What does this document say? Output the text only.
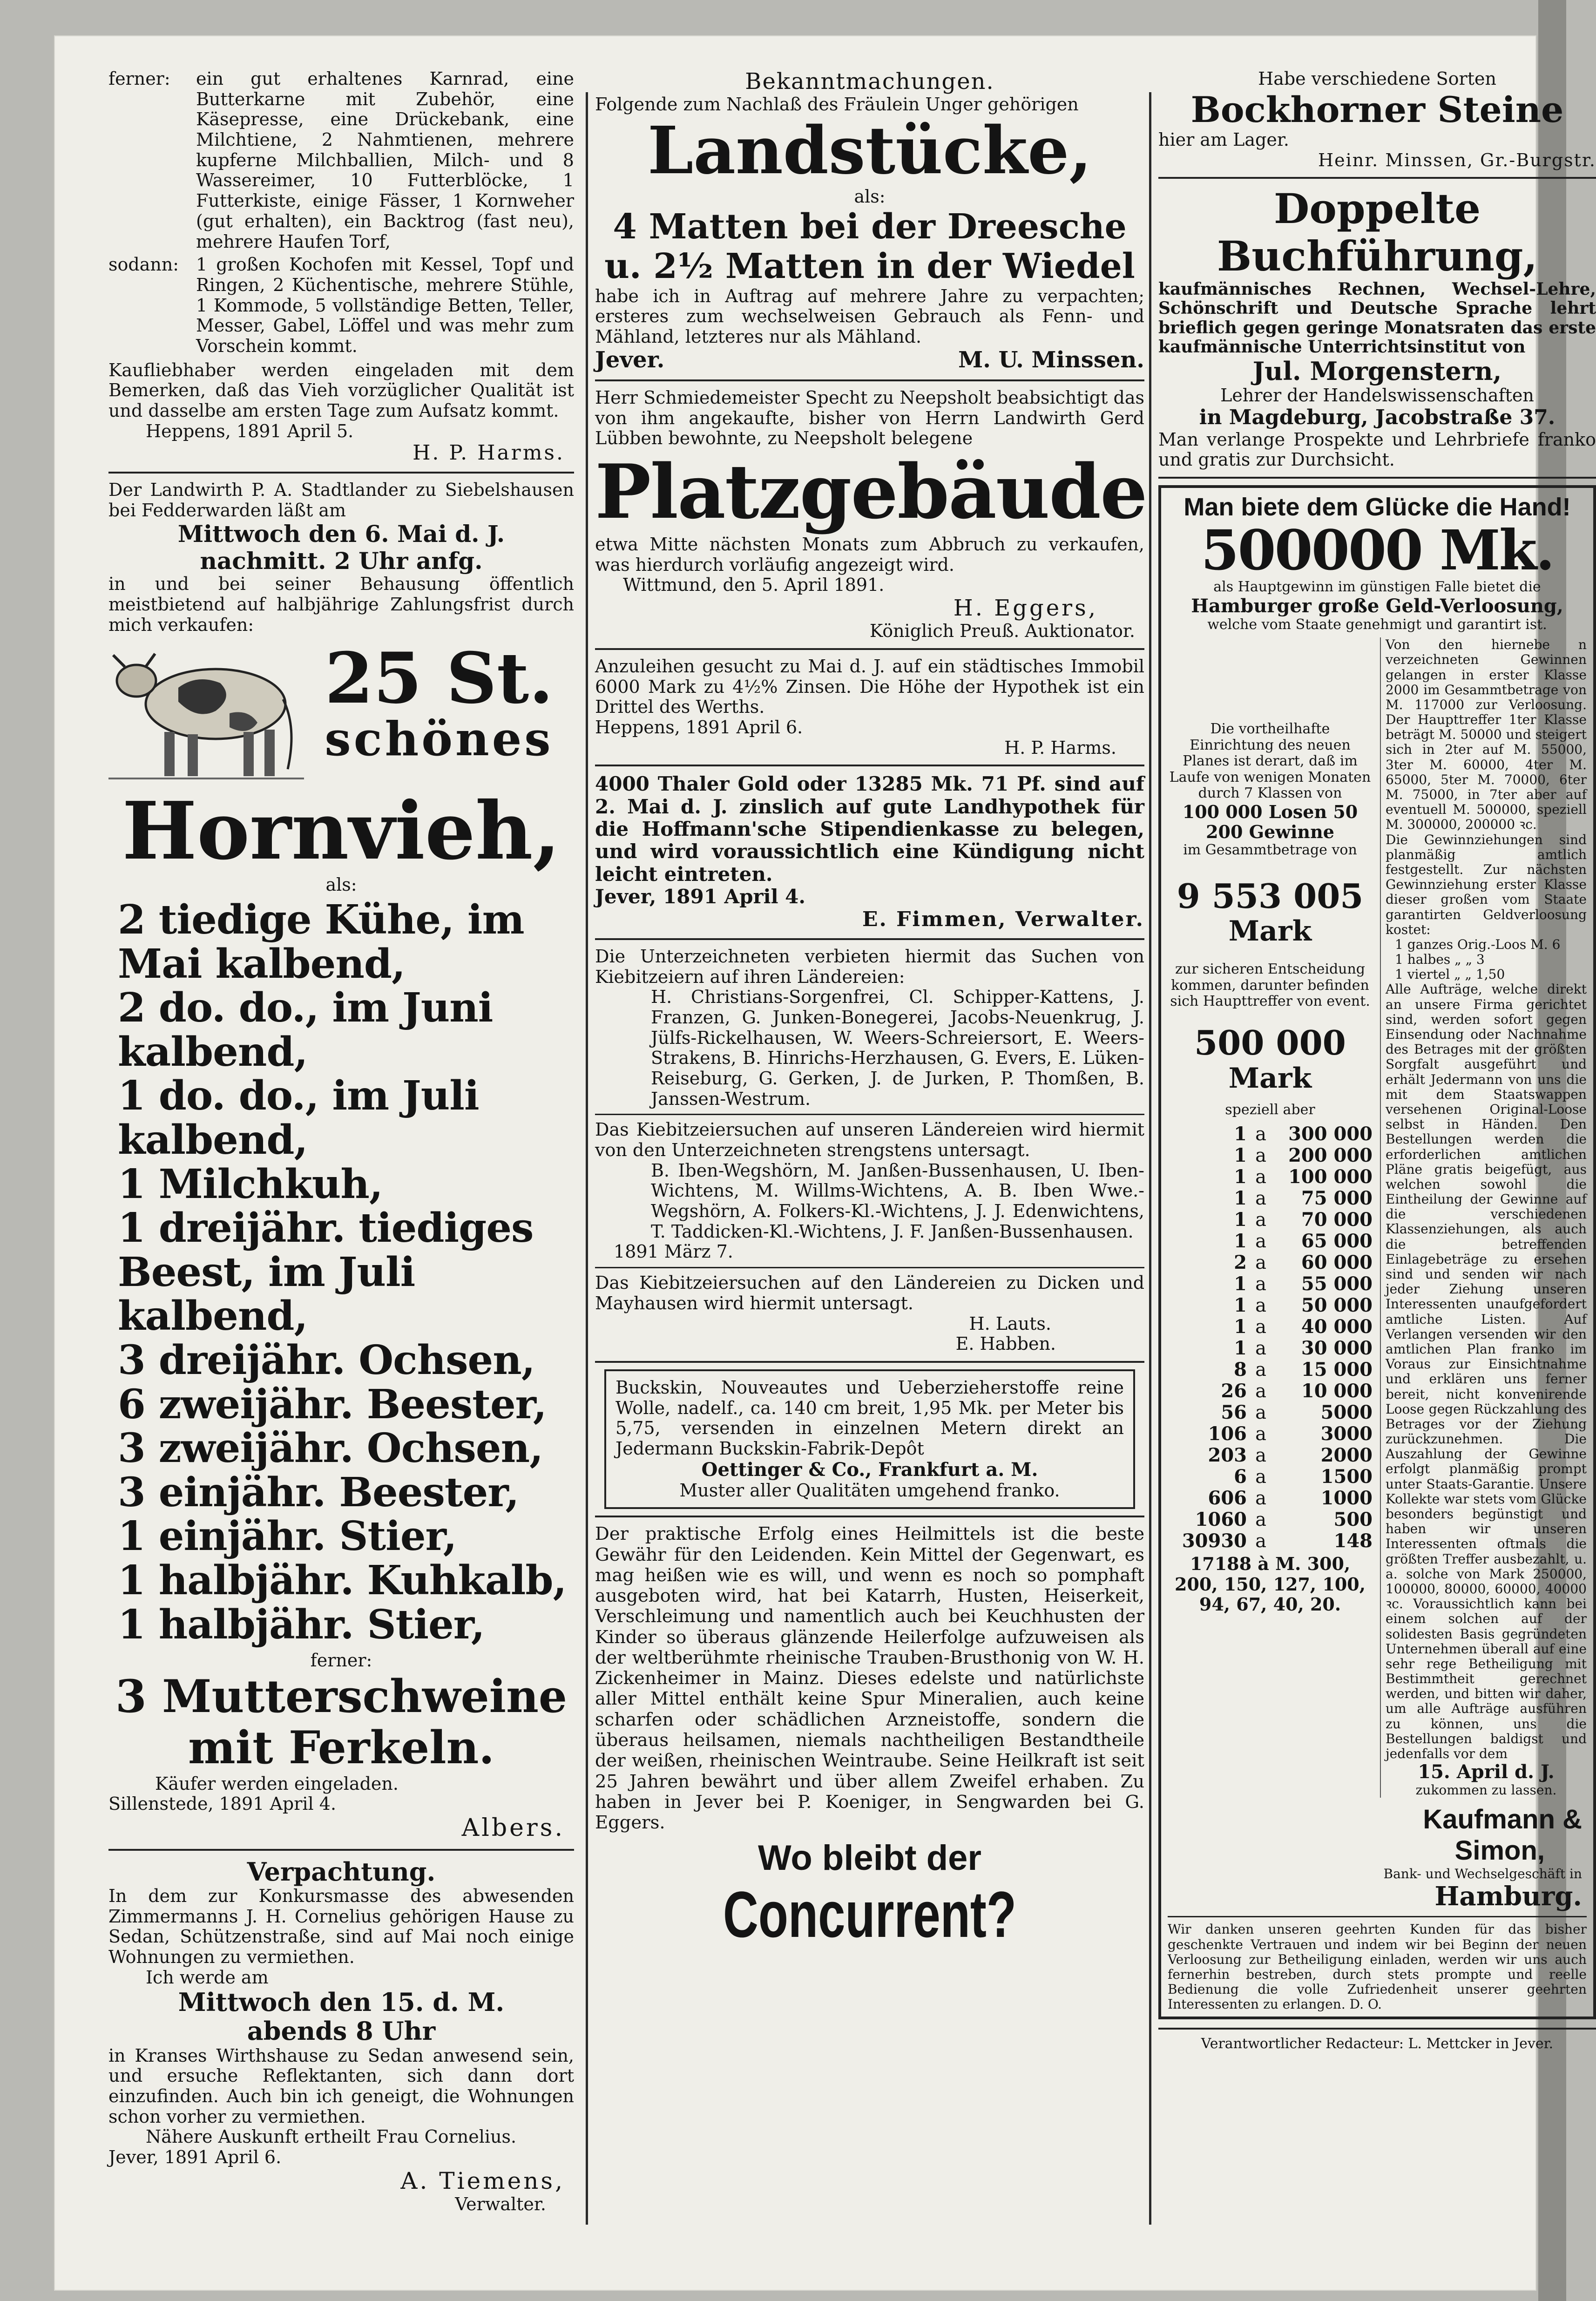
ferner:	ein gut erhaltenes Karnrad, eine Butterkarne mit Zubehör, eine Käsepresse, eine Drückebank, eine Milchtiene, 2 Nahmtienen, mehrere kupferne Milchballien, Milch- und 8 Wassereimer, 10 Futterblöcke, 1 Futterkiste, einige Fässer, 1 Kornweher (gut erhalten), ein Backtrog (fast neu), mehrere Haufen Torf,

sodann: 1 großen Kochofen mit Kessel, Topf und Ringen, 2 Küchentische, mehrere Stühle, 1 Kommode, 5 vollständige Betten, Teller, Messer, Gabel, Löffel und was mehr zum Vorschein kommt.

Kaufliebhaber werden eingeladen mit dem Bemerken, daß das Vieh vorzüglicher Qualität ist und dasselbe am ersten Tage zum Aufsatz kommt.

Heppens, 1891 April 5.

H. P. Harms.

Der Landwirth P. A. Stadtlander zu Siebelshausen bei Fedderwarden läßt am

Mittwoch den 6. Mai d. J.

nachmitt. 2 Uhr anfg.

in und bei seiner Behausung öffentlich meistbietend auf halbjährige Zahlungsfrist durch mich verkaufen:

25 St.

schönes

Hornvieh,

als:

2 tiedige Kühe, im Mai kalbend,

2 do. do., im Juni kalbend,

1 do. do., im Juli kalbend,

1 Milchkuh,

1 dreijähr. tiediges Beest, im Juli kalbend,

3 dreijähr. Ochsen,

6 zweijähr. Beester,

3 zweijähr. Ochsen,

3 einjähr. Beester,

1 einjähr. Stier,

1 halbjähr. Kuhkalb,

1 halbjähr. Stier,

ferner:

3 Mutterschweine mit Ferkeln.

Käufer werden eingeladen.

Sillenstede, 1891 April 4.

Albers.

Verpachtung.

In dem zur Konkursmasse des abwesenden Zimmermanns J. H. Cornelius gehörigen Hause zu Sedan, Schützenstraße, sind auf Mai noch einige Wohnungen zu vermiethen.

Ich werde am

Mittwoch den 15. d. M.

abends 8 Uhr

in Kranses Wirthshause zu Sedan anwesend sein, und ersuche Reflektanten, sich dann dort einzufinden. Auch bin ich geneigt, die Wohnungen schon vorher zu vermiethen.

Nähere Auskunft ertheilt Frau Cornelius.

Jever, 1891 April 6.

A. Tiemens,

Verwalter.

Bekanntmachungen.

Folgende zum Nachlaß des Fräulein Unger gehörigen

Landstücke,

als:

4 Matten bei der Dreesche

u. 2½ Matten in der Wiedel

habe ich in Auftrag auf mehrere Jahre zu verpachten; ersteres zum wechselweisen Gebrauch als Fenn- und Mähland, letzteres nur als Mähland.

Jever.	M. U. Minssen.

Herr Schmiedemeister Specht zu Neepsholt beabsichtigt das von ihm angekaufte, bisher von Herrn Landwirth Gerd Lübben bewohnte, zu Neepsholt belegene

Platzgebäude

etwa Mitte nächsten Monats zum Abbruch zu verkaufen, was hierdurch vorläufig angezeigt wird.

Wittmund, den 5. April 1891.

H. Eggers,

Königlich Preuß. Auktionator.

Anzuleihen gesucht zu Mai d. J. auf ein städtisches Immobil 6000 Mark zu 4½% Zinsen. Die Höhe der Hypothek ist ein Drittel des Werths.

Heppens, 1891 April 6.

H. P. Harms.

4000 Thaler Gold oder 13285 Mk. 71 Pf. sind auf 2. Mai d. J. zinslich auf gute Landhypothek für die Hoffmann'sche Stipendienkasse zu belegen, und wird voraussichtlich eine Kündigung nicht leicht eintreten.

Jever, 1891 April 4.

E. Fimmen, Verwalter.

Die Unterzeichneten verbieten hiermit das Suchen von Kiebitzeiern auf ihren Ländereien:

H. Christians-Sorgenfrei, Cl. Schipper-Kattens, J. Franzen, G. Junken-Bonegerei, Jacobs-Neuenkrug, J. Jülfs-Rickelhausen, W. Weers-Schreiersort, E. Weers-Strakens, B. Hinrichs-Herzhausen, G. Evers, E. Lüken-Reiseburg, G. Gerken, J. de Jurken, P. Thomßen, B. Janssen-Westrum.

Das Kiebitzeiersuchen auf unseren Ländereien wird hiermit von den Unterzeichneten strengstens untersagt.

B. Iben-Wegshörn, M. Janßen-Bussenhausen, U. Iben-Wichtens, M. Willms-Wichtens, A. B. Iben Wwe.-Wegshörn, A. Folkers-Kl.-Wichtens, J. J. Edenwichtens, T. Taddicken-Kl.-Wichtens, J. F. Janßen-Bussenhausen.

1891 März 7.

Das Kiebitzeiersuchen auf den Ländereien zu Dicken und Mayhausen wird hiermit untersagt.

H. Lauts.

E. Habben.

Buckskin, Nouveautes und Ueberzieherstoffe reine Wolle, nadelf., ca. 140 cm breit, 1,95 Mk. per Meter bis 5,75, versenden in einzelnen Metern direkt an Jedermann Buckskin-Fabrik-Depôt

Oettinger & Co., Frankfurt a. M.

Muster aller Qualitäten umgehend franko.

Der praktische Erfolg eines Heilmittels ist die beste Gewähr für den Leidenden. Kein Mittel der Gegenwart, es mag heißen wie es will, und wenn es noch so pomphaft ausgeboten wird, hat bei Katarrh, Husten, Heiserkeit, Verschleimung und namentlich auch bei Keuchhusten der Kinder so überaus glänzende Heilerfolge aufzuweisen als der weltberühmte rheinische Trauben-Brusthonig von W. H. Zickenheimer in Mainz. Dieses edelste und natürlichste aller Mittel enthält keine Spur Mineralien, auch keine scharfen oder schädlichen Arzneistoffe, sondern die überaus heilsamen, niemals nachtheiligen Bestandtheile der weißen, rheinischen Weintraube. Seine Heilkraft ist seit 25 Jahren bewährt und über allem Zweifel erhaben. Zu haben in Jever bei P. Koeniger, in Sengwarden bei G. Eggers.

Wo bleibt der

Concurrent?

Habe verschiedene Sorten

Bockhorner Steine

hier am Lager.

Heinr. Minssen, Gr.-Burgstr.

Doppelte Buchführung,

kaufmännisches Rechnen, Wechsel-Lehre, Schönschrift und Deutsche Sprache lehrt brieflich gegen geringe Monatsraten das erste kaufmännische Unterrichtsinstitut von

Jul. Morgenstern,

Lehrer der Handelswissenschaften

in Magdeburg, Jacobstraße 37.

Man verlange Prospekte und Lehrbriefe franko und gratis zur Durchsicht.

Man biete dem Glücke die Hand!

500000 Mk.

als Hauptgewinn im günstigen Falle bietet die

Hamburger große Geld-Verloosung,

welche vom Staate genehmigt und garantirt ist.

Die vortheilhafte Einrichtung des neuen Planes ist derart, daß im Laufe von wenigen Monaten durch 7 Klassen von

100 000 Losen 50 200 Gewinne

im Gesammtbetrage von

9 553 005

Mark

zur sicheren Entscheidung kommen, darunter befinden sich Haupttreffer von event.

500 000

Mark

speziell aber

1 a	300 000
1 a	200 000
1 a	100 000
1 a	75 000
1 a	70 000
1 a	65 000
2 a	60 000
1 a	55 000
1 a	50 000
1 a	40 000
1 a	30 000
8 a	15 000
26 a	10 000
56 a	5000
106 a	3000
203 a	2000
6 a	1500
606 a	1000
1060 a	500
30930 a	148

17188 à M. 300, 200, 150, 127, 100, 94, 67, 40, 20.

Von den hiernebe ​n verzeichneten Gewinnen gelangen in erster Klasse 2000 im Gesammtbetrage von M. 117000 zur Verloosung. Der Haupttreffer 1ter Klasse beträgt M. 50000 und steigert sich in 2ter auf M. 55000, 3ter M. 60000, 4ter M. 65000, 5ter M. 70000, 6ter M. 75000, in 7ter aber auf eventuell M. 500000, speziell M. 300000, 200000 ꝛc.

Die Gewinnziehungen sind planmäßig amtlich festgestellt. Zur nächsten Gewinnziehung erster Klasse dieser großen vom Staate garantirten Geldverloosung kostet:

1 ganzes Orig.-Loos M. 6

1 halbes „ „ 3

1 viertel „ „ 1,50

Alle Aufträge, welche direkt an unsere Firma gerichtet sind, werden sofort gegen Einsendung oder Nachnahme des Betrages mit der größten Sorgfalt ausgeführt und erhält Jedermann von uns die mit dem Staatswappen versehenen Original-Loose selbst in Händen. Den Bestellungen werden die erforderlichen amtlichen Pläne gratis beigefügt, aus welchen sowohl die Eintheilung der Gewinne auf die verschiedenen Klassenziehungen, als auch die betreffenden Einlagebeträge zu ersehen sind und senden wir nach jeder Ziehung unseren Interessenten unaufgefordert amtliche Listen. Auf Verlangen versenden wir den amtlichen Plan franko im Voraus zur Einsichtnahme und erklären uns ferner bereit, nicht konvenirende Loose gegen Rückzahlung des Betrages vor der Ziehung zurückzunehmen. Die Auszahlung der Gewinne erfolgt planmäßig prompt unter Staats-Garantie. Unsere Kollekte war stets vom Glücke besonders begünstigt und haben wir unseren Interessenten oftmals die größten Treffer ausbezahlt, u. a. solche von Mark 250000, 100000, 80000, 60000, 40000 ꝛc. Voraussichtlich kann bei einem solchen auf der solidesten Basis gegründeten Unternehmen überall auf eine sehr rege Betheiligung mit Bestimmtheit gerechnet werden, und bitten wir daher, um alle Aufträge ausführen zu können, uns die Bestellungen baldigst und jedenfalls vor dem

15. April d. J.

zukommen zu lassen.

Kaufmann &

Simon,

Bank- und Wechselgeschäft in

Hamburg.

Wir danken unseren geehrten Kunden für das bisher geschenkte Vertrauen und indem wir bei Beginn der neuen Verloosung zur Betheiligung einladen, werden wir uns auch fernerhin bestreben, durch stets prompte und reelle Bedienung die volle Zufriedenheit unserer geehrten Interessenten zu erlangen. D. O.

Verantwortlicher Redacteur: L. Mettcker in Jever.
